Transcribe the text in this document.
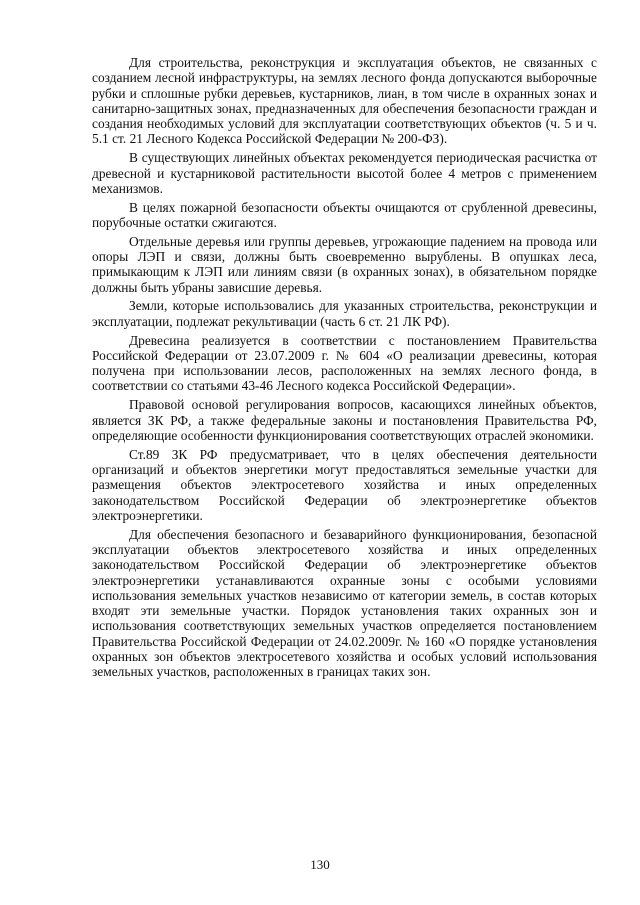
Для строительства, реконструкция и эксплуатация объектов, не связанных с созданием лесной инфраструктуры, на землях лесного фонда допускаются выборочные рубки и сплошные рубки деревьев, кустарников, лиан, в том числе в охранных зонах и санитарно-защитных зонах, предназначенных для обеспечения безопасности граждан и создания необходимых условий для эксплуатации соответствующих объектов (ч. 5 и ч. 5.1 ст. 21 Лесного Кодекса Российской Федерации № 200-ФЗ).

В существующих линейных объектах рекомендуется периодическая расчистка от древесной и кустарниковой растительности высотой более 4 метров с применением механизмов.

В целях пожарной безопасности объекты очищаются от срубленной древесины, порубочные остатки сжигаются.

Отдельные деревья или группы деревьев, угрожающие падением на провода или опоры ЛЭП и связи, должны быть своевременно вырублены. В опушках леса, примыкающим к ЛЭП или линиям связи (в охранных зонах), в обязательном порядке должны быть убраны зависшие деревья.

Земли, которые использовались для указанных строительства, реконструкции и эксплуатации, подлежат рекультивации (часть 6 ст. 21 ЛК РФ).

Древесина реализуется в соответствии с постановлением Правительства Российской Федерации от 23.07.2009 г. № 604 «О реализации древесины, которая получена при использовании лесов, расположенных на землях лесного фонда, в соответствии со статьями 43-46 Лесного кодекса Российской Федерации».

Правовой основой регулирования вопросов, касающихся линейных объектов, является ЗК РФ, а также федеральные законы и постановления Правительства РФ, определяющие особенности функционирования соответствующих отраслей экономики.

Ст.89 ЗК РФ предусматривает, что в целях обеспечения деятельности организаций и объектов энергетики могут предоставляться земельные участки для размещения объектов электросетевого хозяйства и иных определенных законодательством Российской Федерации об электроэнергетике объектов электроэнергетики.

Для обеспечения безопасного и безаварийного функционирования, безопасной эксплуатации объектов электросетевого хозяйства и иных определенных законодательством Российской Федерации об электроэнергетике объектов электроэнергетики устанавливаются охранные зоны с особыми условиями использования земельных участков независимо от категории земель, в состав которых входят эти земельные участки. Порядок установления таких охранных зон и использования соответствующих земельных участков определяется постановлением Правительства Российской Федерации от 24.02.2009г. № 160 «О порядке установления охранных зон объектов электросетевого хозяйства и особых условий использования земельных участков, расположенных в границах таких зон.

130
